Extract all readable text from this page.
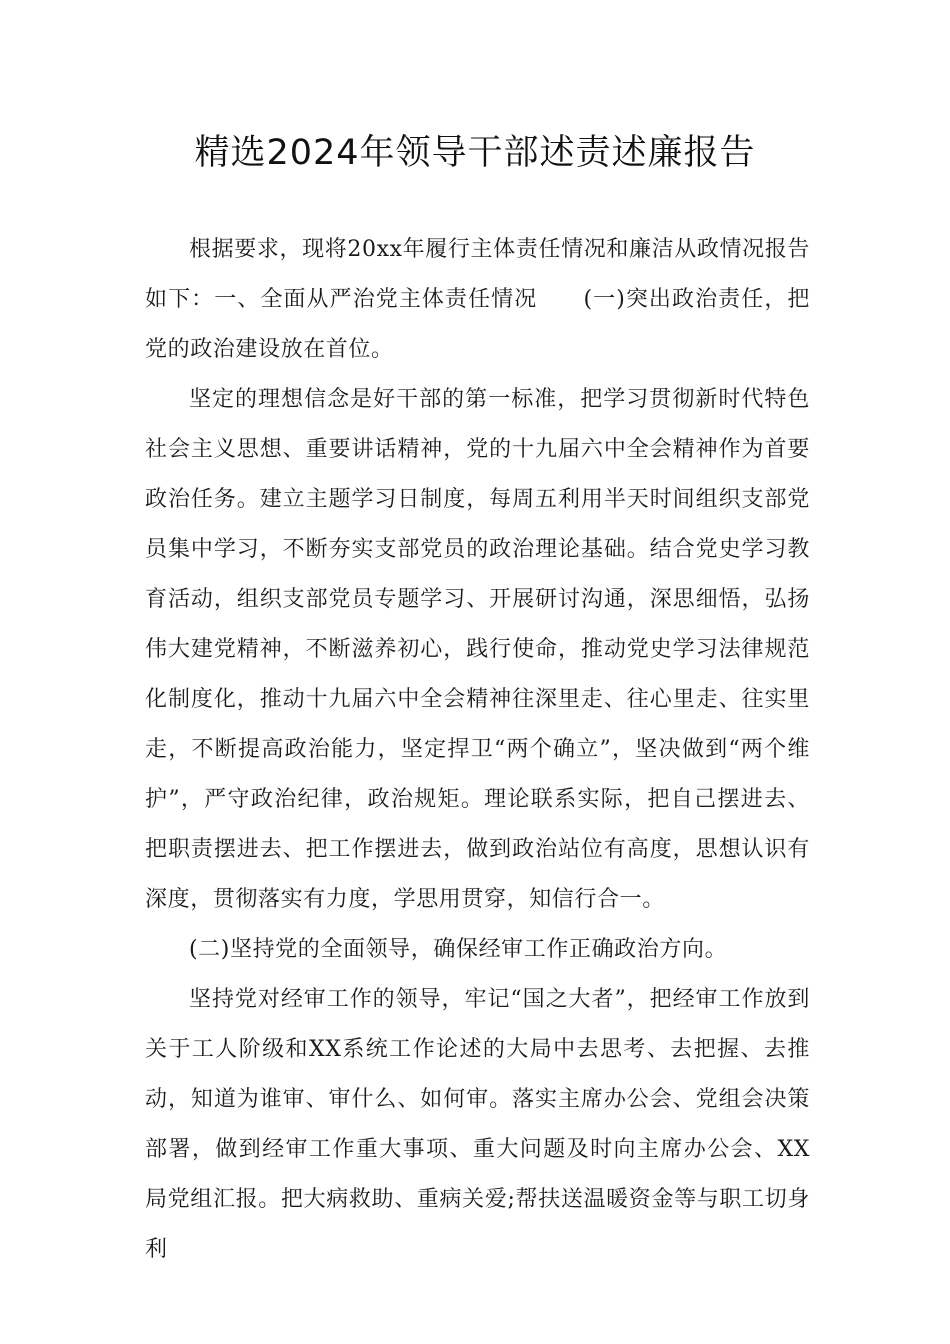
精选2024年领导干部述责述廉报告

根据要求，现将20xx年履行主体责任情况和廉洁从政情况报告如下：一、全面从严治党主体责任情况　　(一)突出政治责任，把党的政治建设放在首位。

坚定的理想信念是好干部的第一标准，把学习贯彻新时代特色社会主义思想、重要讲话精神，党的十九届六中全会精神作为首要政治任务。建立主题学习日制度，每周五利用半天时间组织支部党员集中学习，不断夯实支部党员的政治理论基础。结合党史学习教育活动，组织支部党员专题学习、开展研讨沟通，深思细悟，弘扬伟大建党精神，不断滋养初心，践行使命，推动党史学习法律规范化制度化，推动十九届六中全会精神往深里走、往心里走、往实里走，不断提高政治能力，坚定捍卫“两个确立”，坚决做到“两个维护”，严守政治纪律，政治规矩。理论联系实际，把自己摆进去、把职责摆进去、把工作摆进去，做到政治站位有高度，思想认识有深度，贯彻落实有力度，学思用贯穿，知信行合一。

(二)坚持党的全面领导，确保经审工作正确政治方向。

坚持党对经审工作的领导，牢记“国之大者”，把经审工作放到关于工人阶级和XX系统工作论述的大局中去思考、去把握、去推动，知道为谁审、审什么、如何审。落实主席办公会、党组会决策部署，做到经审工作重大事项、重大问题及时向主席办公会、XX局党组汇报。把大病救助、重病关爱;帮扶送温暖资金等与职工切身利
